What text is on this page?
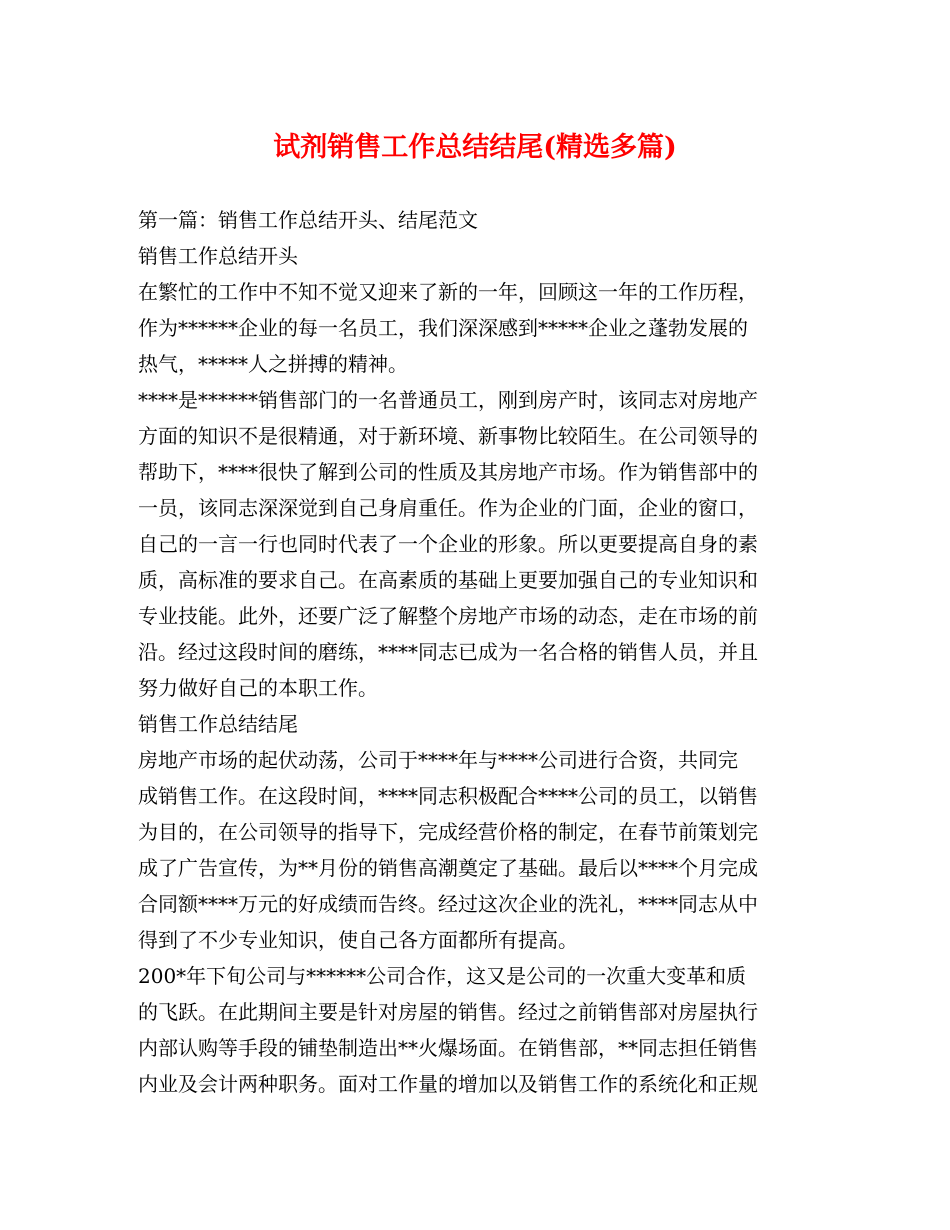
试剂销售工作总结结尾(精选多篇)
第一篇：销售工作总结开头、结尾范文
销售工作总结开头
在繁忙的工作中不知不觉又迎来了新的一年，回顾这一年的工作历程，
作为******企业的每一名员工，我们深深感到*****企业之蓬勃发展的
热气，*****人之拼搏的精神。
****是******销售部门的一名普通员工，刚到房产时，该同志对房地产
方面的知识不是很精通，对于新环境、新事物比较陌生。在公司领导的
帮助下，****很快了解到公司的性质及其房地产市场。作为销售部中的
一员，该同志深深觉到自己身肩重任。作为企业的门面，企业的窗口，
自己的一言一行也同时代表了一个企业的形象。所以更要提高自身的素
质，高标准的要求自己。在高素质的基础上更要加强自己的专业知识和
专业技能。此外，还要广泛了解整个房地产市场的动态，走在市场的前
沿。经过这段时间的磨练，****同志已成为一名合格的销售人员，并且
努力做好自己的本职工作。
销售工作总结结尾
房地产市场的起伏动荡，公司于****年与****公司进行合资，共同完
成销售工作。在这段时间，****同志积极配合****公司的员工，以销售
为目的，在公司领导的指导下，完成经营价格的制定，在春节前策划完
成了广告宣传，为**月份的销售高潮奠定了基础。最后以****个月完成
合同额****万元的好成绩而告终。经过这次企业的洗礼，****同志从中
得到了不少专业知识，使自己各方面都所有提高。
200*年下旬公司与******公司合作，这又是公司的一次重大变革和质
的飞跃。在此期间主要是针对房屋的销售。经过之前销售部对房屋执行
内部认购等手段的铺垫制造出**火爆场面。在销售部，**同志担任销售
内业及会计两种职务。面对工作量的增加以及销售工作的系统化和正规
